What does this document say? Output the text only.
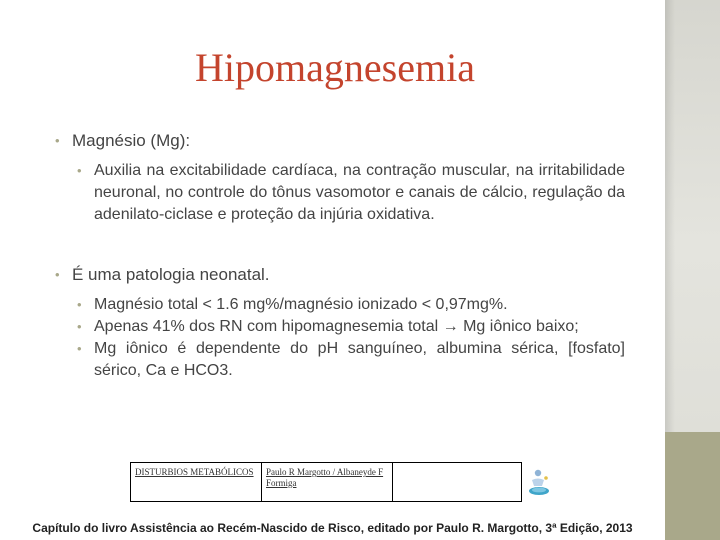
Hipomagnesemia
• Magnésio (Mg):
• Auxilia na excitabilidade cardíaca, na contração muscular, na irritabilidade neuronal, no controle do tônus vasomotor e canais de cálcio, regulação da adenilato-ciclase e proteção da injúria oxidativa.
• É uma patologia neonatal.
• Magnésio total < 1.6 mg%/magnésio ionizado < 0,97mg%.
• Apenas 41% dos RN com hipomagnesemia total → Mg iônico baixo;
• Mg iônico é dependente do pH sanguíneo, albumina sérica, [fosfato] sérico, Ca e HCO3.
DISTURBIOS METABÓLICOS	Paulo R Margotto / Albaneyde F Formiga
Capítulo do livro Assistência ao Recém-Nascido de Risco, editado por Paulo R. Margotto, 3ª Edição, 2013
